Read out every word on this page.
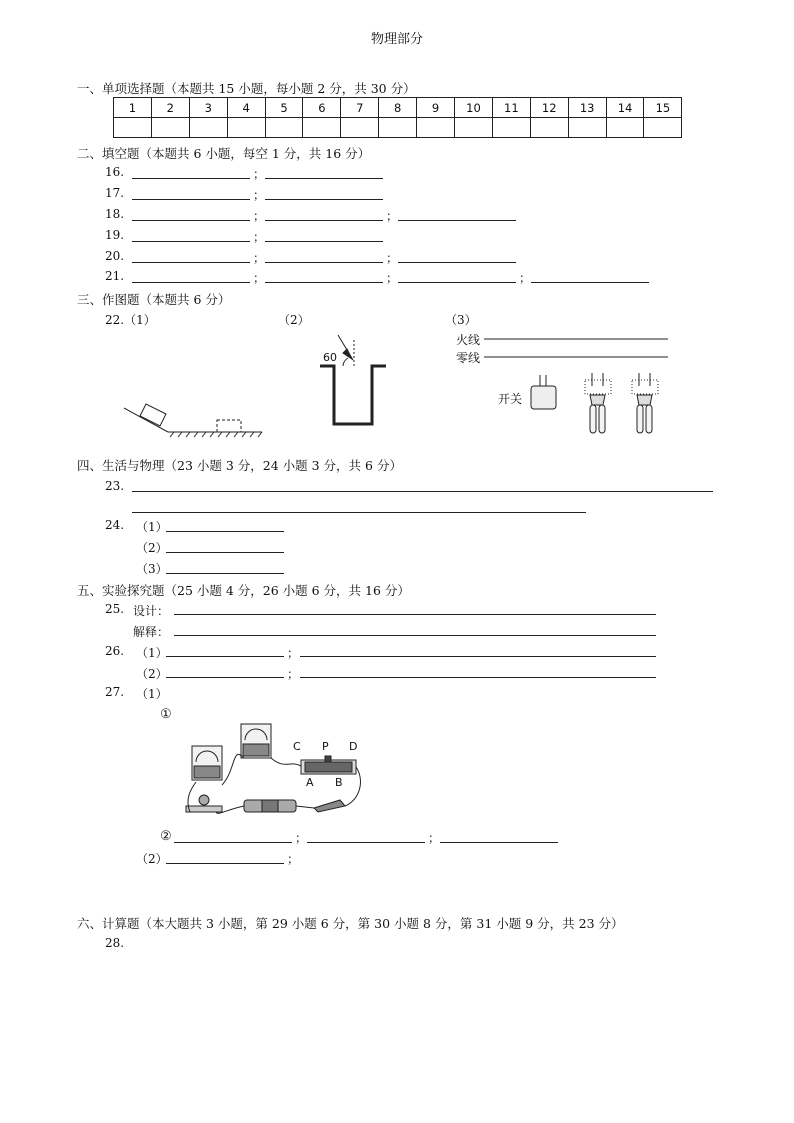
物理部分
一、单项选择题（本题共 15 小题，每小题 2 分，共 30 分）
1	2	3	4	5	6	7	8	9	10	11	12	13	14	15

二、填空题（本题共 6 小题，每空 1 分，共 16 分）
16.	；
17.	；
18.	；	；
19.	；
20.	；	；
21.	；	；	；
三、作图题（本题共 6 分）
22.（1）	（2）	（3）
60
火线
零线
开关
四、生活与物理（23 小题 3 分，24 小题 3 分，共 6 分）
23.
24. （1）
（2）
（3）
五、实验探究题（25 小题 4 分，26 小题 6 分，共 16 分）
25. 设计：
解释：
26. （1）	；
（2）	；
27. （1）
①
C P D
A B
②	；	；
（2）	；
六、计算题（本大题共 3 小题，第 29 小题 6 分，第 30 小题 8 分，第 31 小题 9 分，共 23 分）
28.
